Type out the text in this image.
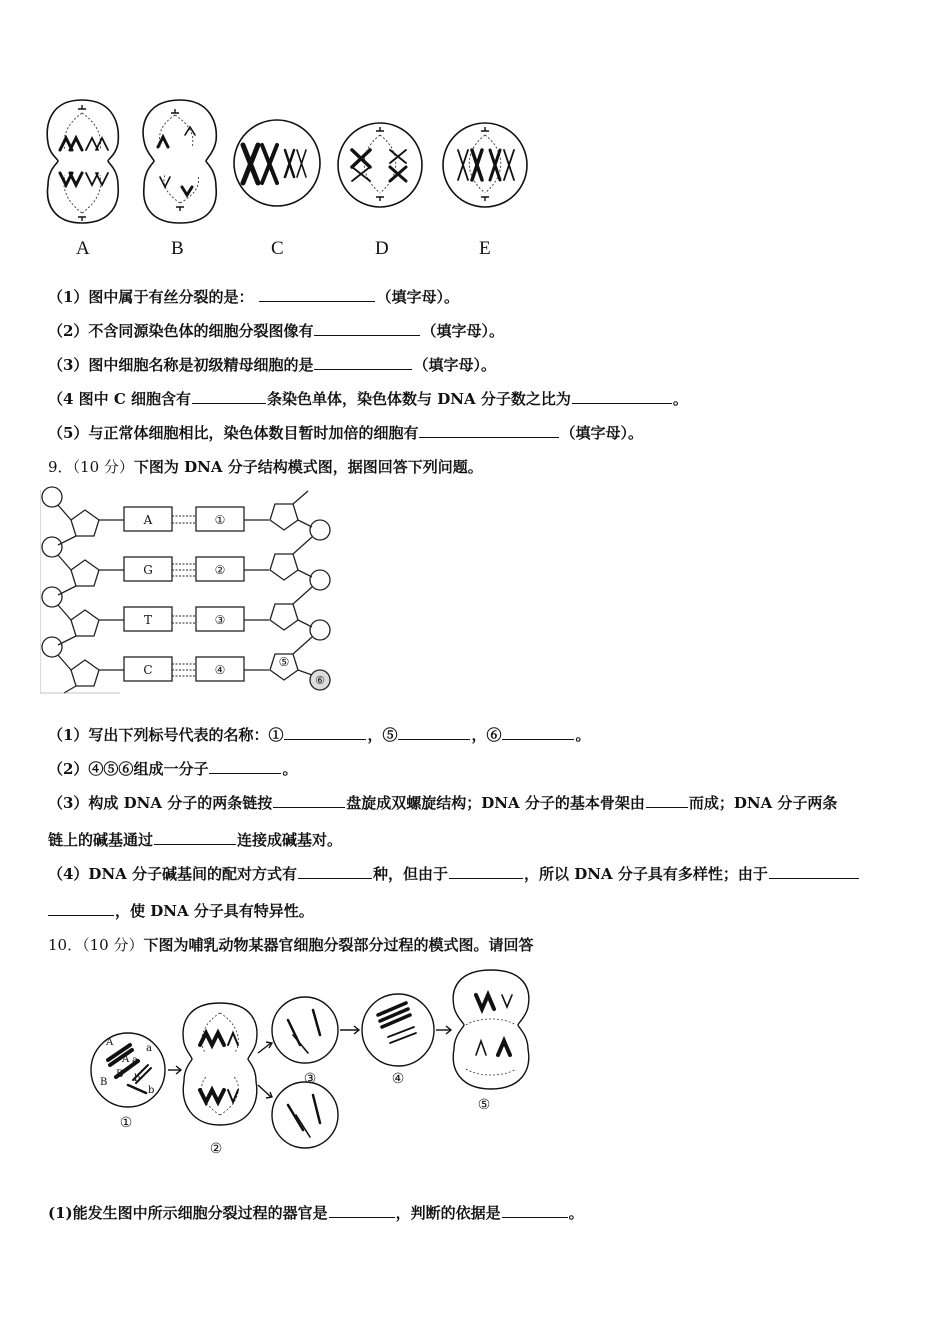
A	B	C	D	E
（1）图中属于有丝分裂的是：	（填字母）。
（2）不含同源染色体的细胞分裂图像有	（填字母）。
（3）图中细胞名称是初级精母细胞的是	（填字母）。
（4 图中 C 细胞含有	条染色单体，染色体数与 DNA 分子数之比为	。
（5）与正常体细胞相比，染色体数目暂时加倍的细胞有	（填字母）。
9．（10 分）下图为 DNA 分子结构模式图，据图回答下列问题。
A
G
T
C
①
②
③
④
⑤
⑥
（1）写出下列标号代表的名称：①	，⑤	，⑥	。
（2）④⑤⑥组成一分子	。
（3）构成 DNA 分子的两条链按	盘旋成双螺旋结构；DNA 分子的基本骨架由	而成；DNA 分子两条
链上的碱基通过	连接成碱基对。
（4）DNA 分子碱基间的配对方式有	种，但由于	，所以 DNA 分子具有多样性；由于
，使 DNA 分子具有特异性。
10．（10 分）下图为哺乳动物某器官细胞分裂部分过程的模式图。请回答
A
A
a
a
B
B b
b
①
②
③	④
⑤
(1)能发生图中所示细胞分裂过程的器官是	，判断的依据是	。
